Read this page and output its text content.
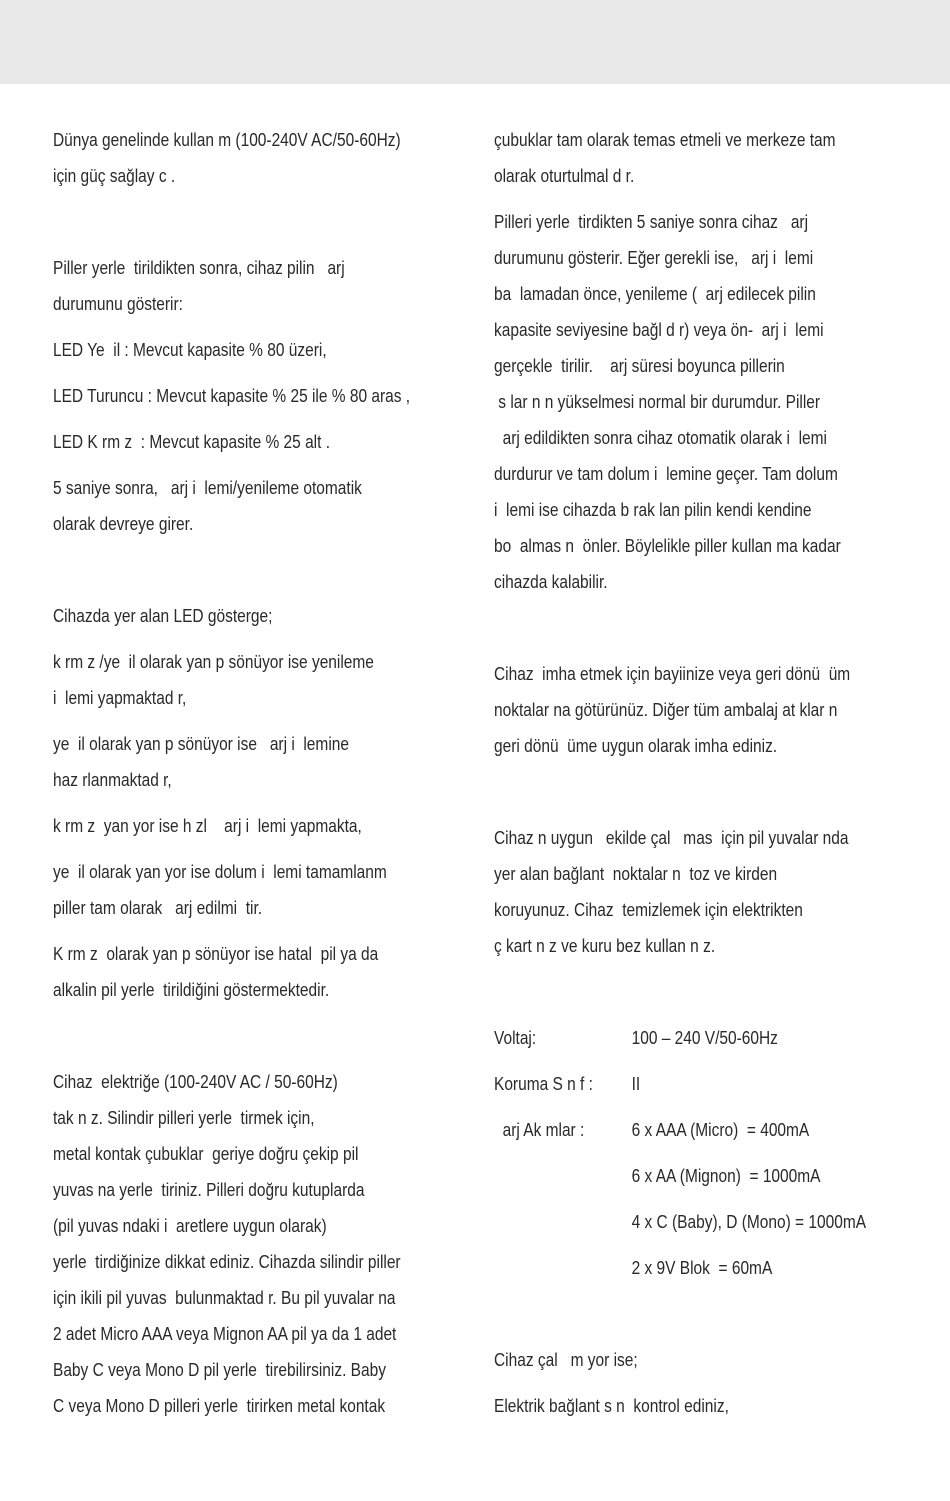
Dünya genelinde kullan m (100-240V AC/50-60Hz)
için güç sağlay c .
Piller yerle  tirildikten sonra, cihaz pilin   arj
durumunu gösterir:
LED Ye  il : Mevcut kapasite % 80 üzeri,
LED Turuncu : Mevcut kapasite % 25 ile % 80 aras ,
LED K rm z  : Mevcut kapasite % 25 alt .
5 saniye sonra,   arj i  lemi/yenileme otomatik
olarak devreye girer.
Cihazda yer alan LED gösterge;
k rm z /ye  il olarak yan p sönüyor ise yenileme
i  lemi yapmaktad r,
ye  il olarak yan p sönüyor ise   arj i  lemine
haz rlanmaktad r,
k rm z  yan yor ise h zl    arj i  lemi yapmakta,
ye  il olarak yan yor ise dolum i  lemi tamamlanm
piller tam olarak   arj edilmi  tir.
K rm z  olarak yan p sönüyor ise hatal  pil ya da
alkalin pil yerle  tirildiğini göstermektedir.
Cihaz  elektriğe (100-240V AC / 50-60Hz)
tak n z. Silindir pilleri yerle  tirmek için,
metal kontak çubuklar  geriye doğru çekip pil
yuvas na yerle  tiriniz. Pilleri doğru kutuplarda
(pil yuvas ndaki i  aretlere uygun olarak)
yerle  tirdiğinize dikkat ediniz. Cihazda silindir piller
için ikili pil yuvas  bulunmaktad r. Bu pil yuvalar na
2 adet Micro AAA veya Mignon AA pil ya da 1 adet
Baby C veya Mono D pil yerle  tirebilirsiniz. Baby
C veya Mono D pilleri yerle  tirirken metal kontak
çubuklar tam olarak temas etmeli ve merkeze tam
olarak oturtulmal d r.
Pilleri yerle  tirdikten 5 saniye sonra cihaz   arj
durumunu gösterir. Eğer gerekli ise,   arj i  lemi
ba  lamadan önce, yenileme (  arj edilecek pilin
kapasite seviyesine bağl d r) veya ön-  arj i  lemi
gerçekle  tirilir.    arj süresi boyunca pillerin
s lar n n yükselmesi normal bir durumdur. Piller
arj edildikten sonra cihaz otomatik olarak i  lemi
durdurur ve tam dolum i  lemine geçer. Tam dolum
i  lemi ise cihazda b rak lan pilin kendi kendine
bo  almas n  önler. Böylelikle piller kullan ma kadar
cihazda kalabilir.
Cihaz  imha etmek için bayiinize veya geri dönü  üm
noktalar na götürünüz. Diğer tüm ambalaj at klar n
geri dönü  üme uygun olarak imha ediniz.
Cihaz n uygun   ekilde çal   mas  için pil yuvalar nda
yer alan bağlant  noktalar n  toz ve kirden
koruyunuz. Cihaz  temizlemek için elektrikten
ç kart n z ve kuru bez kullan n z.
Voltaj:	100 – 240 V/50-60Hz
Koruma S n f :	II
arj Ak mlar :	6 x AAA (Micro)  = 400mA
6 x AA (Mignon)  = 1000mA
4 x C (Baby), D (Mono) = 1000mA
2 x 9V Blok  = 60mA
Cihaz çal   m yor ise;
Elektrik bağlant s n  kontrol ediniz,
